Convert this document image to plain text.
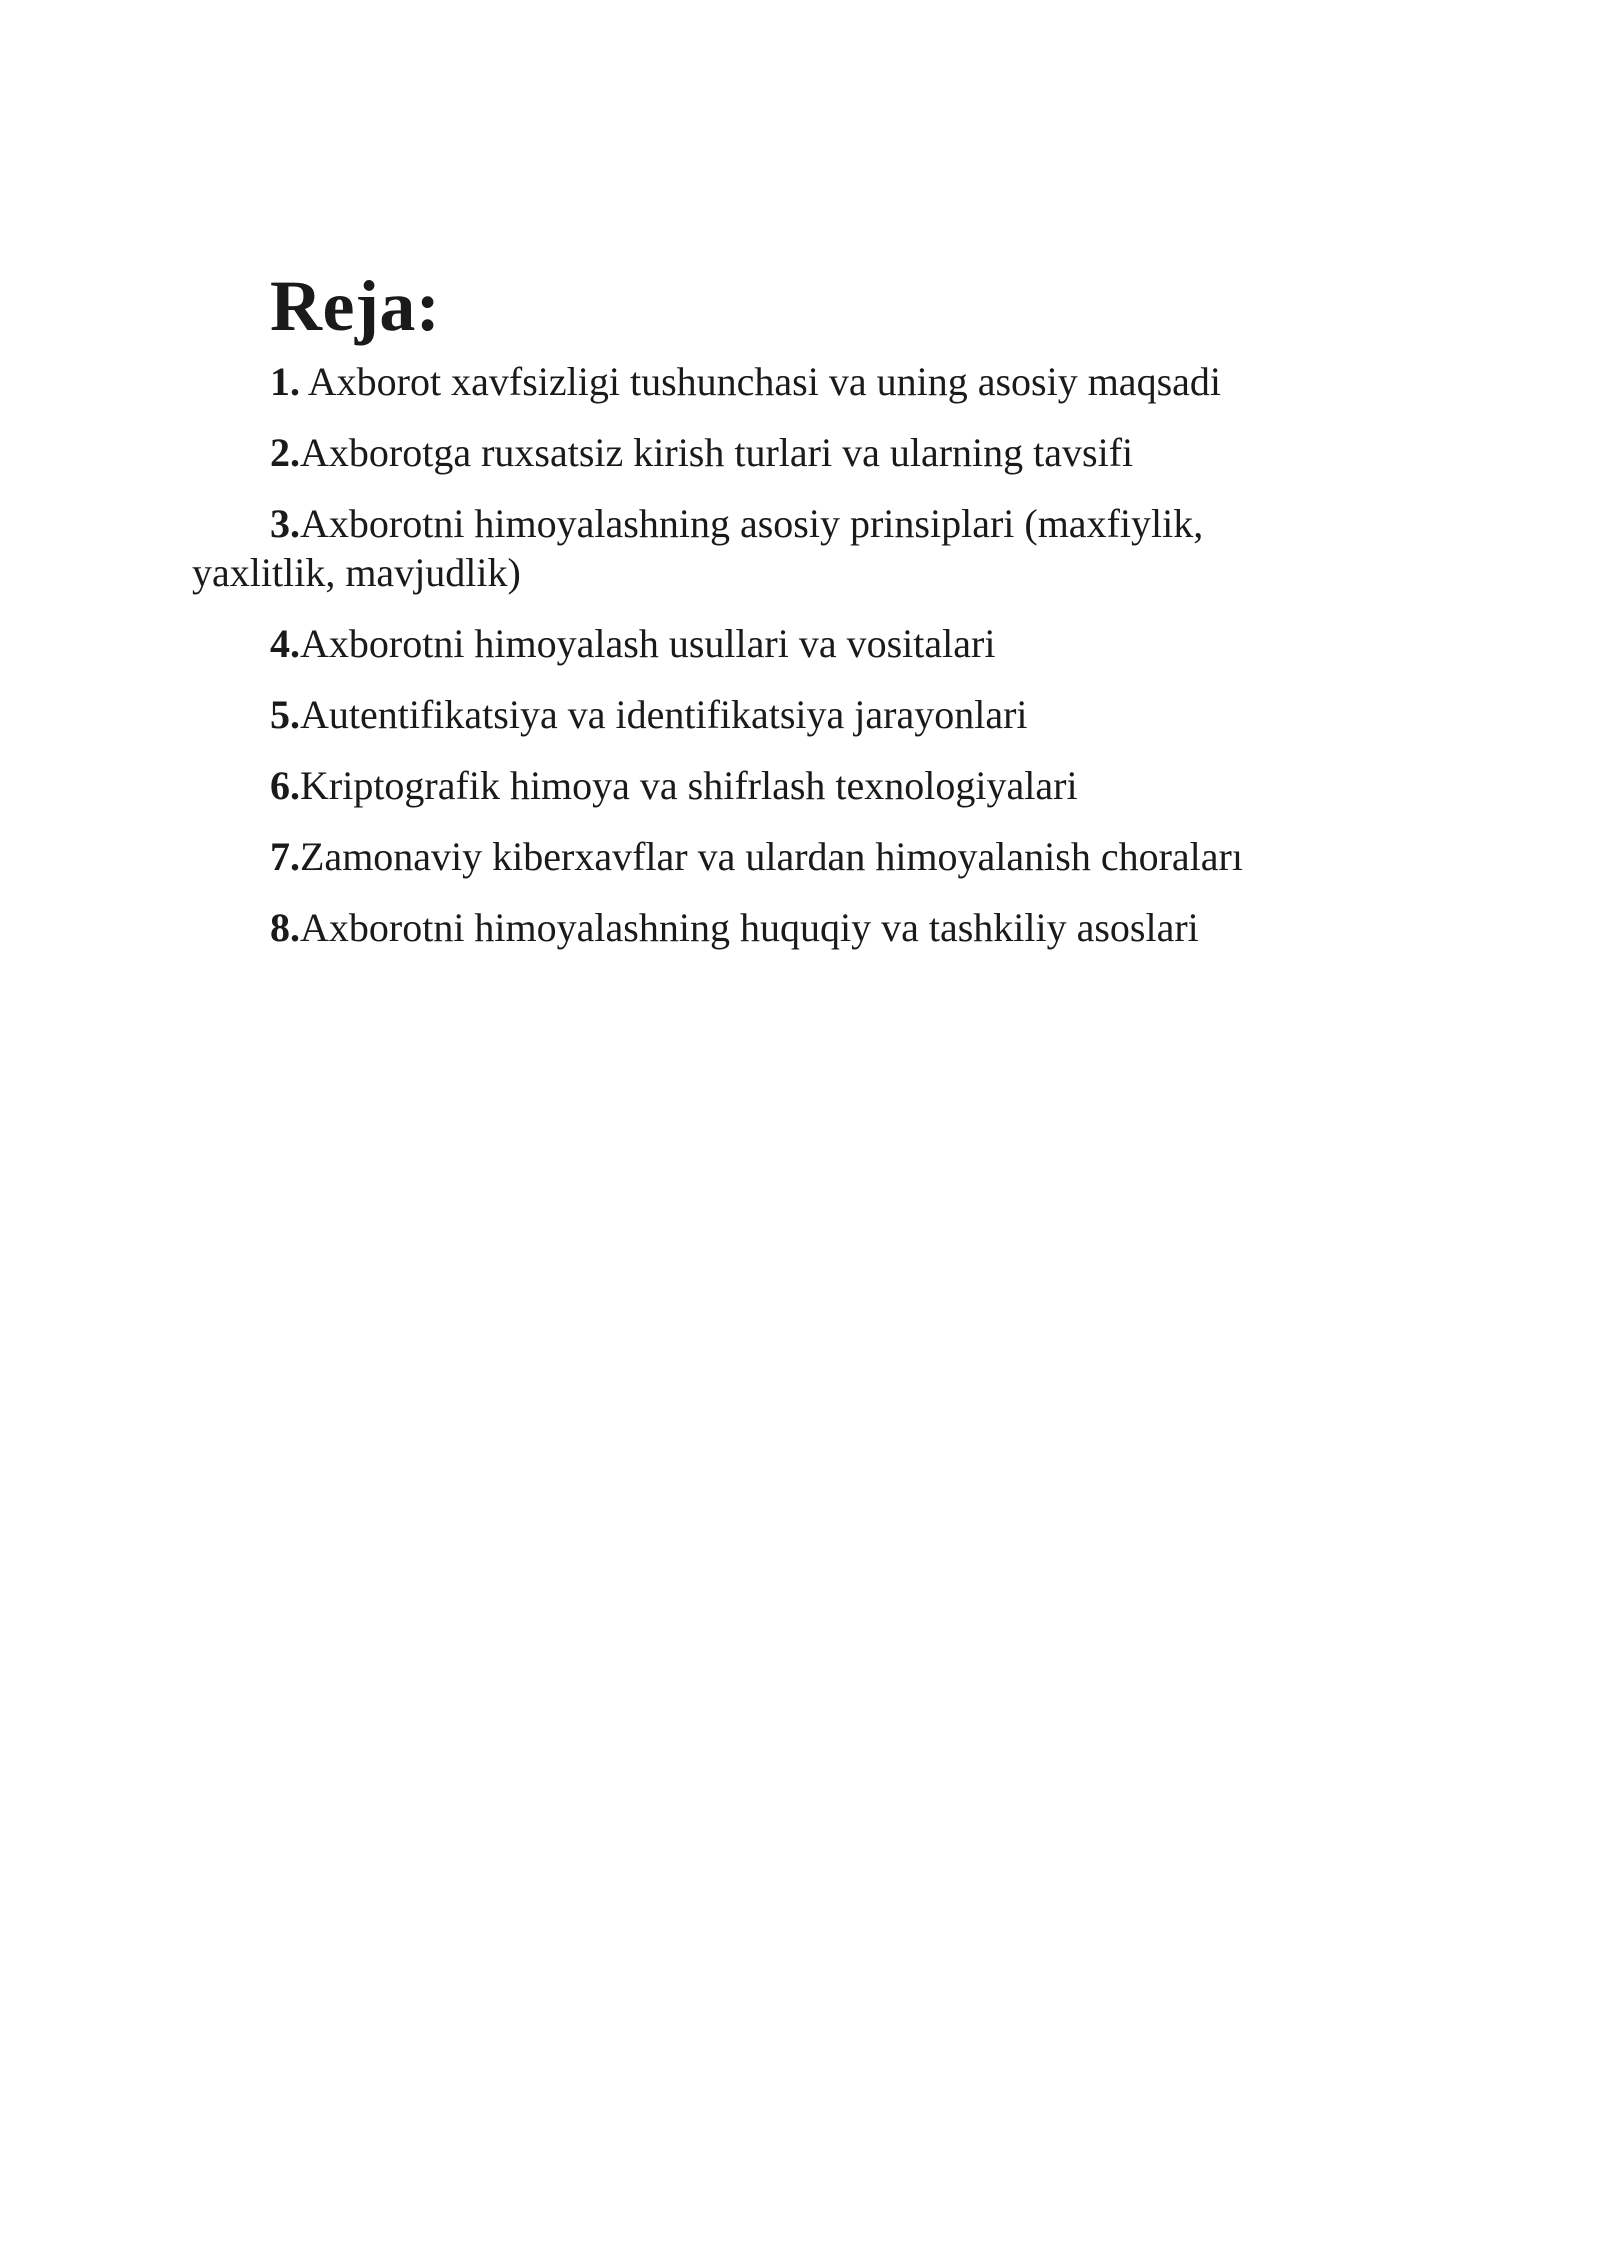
Reja:
1. Axborot xavfsizligi tushunchasi va uning asosiy maqsadi
2.Axborotga ruxsatsiz kirish turlari va ularning tavsifi
3.Axborotni himoyalashning asosiy prinsiplari (maxfiylik, yaxlitlik, mavjudlik)
4.Axborotni himoyalash usullari va vositalari
5.Autentifikatsiya va identifikatsiya jarayonlari
6.Kriptografik himoya va shifrlash texnologiyalari
7.Zamonaviy kiberxavflar va ulardan himoyalanish choraları
8.Axborotni himoyalashning huquqiy va tashkiliy asoslari
